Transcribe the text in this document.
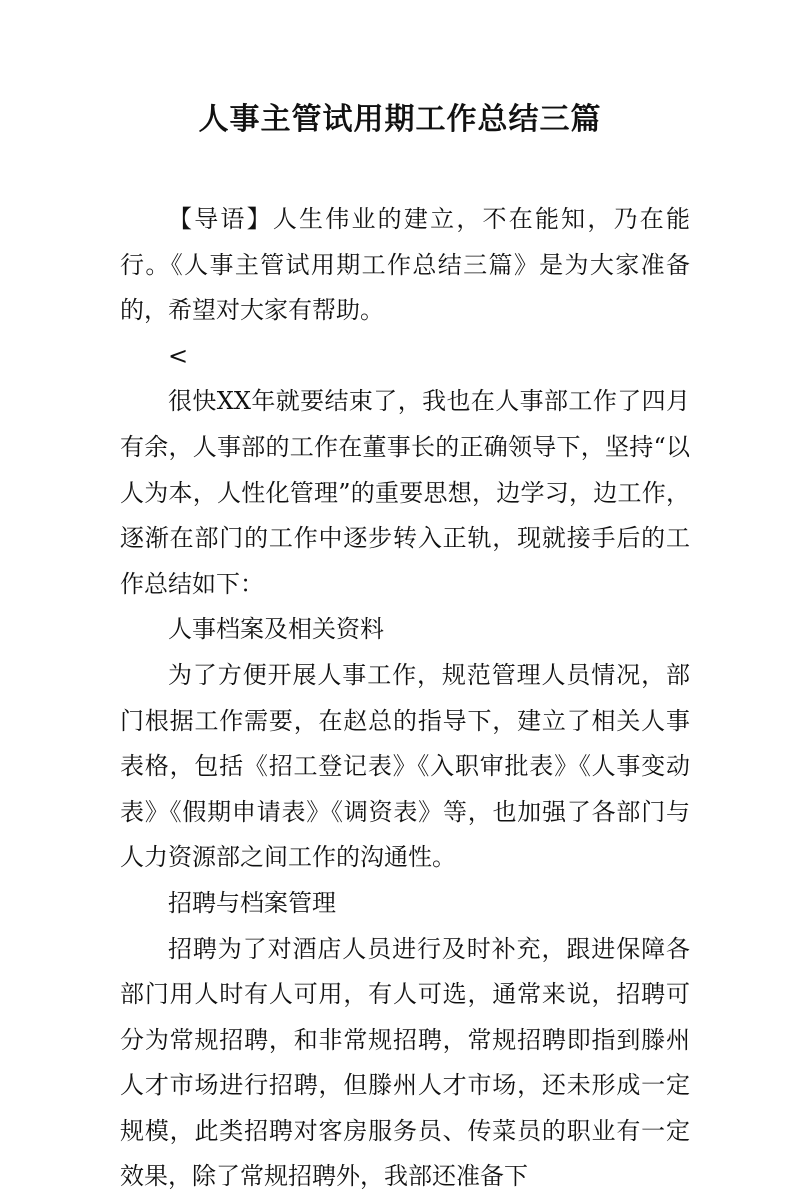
人事主管试用期工作总结三篇

【导语】人生伟业的建立，不在能知，乃在能行。《人事主管试用期工作总结三篇》是为大家准备的，希望对大家有帮助。

<

很快XX年就要结束了，我也在人事部工作了四月有余，人事部的工作在董事长的正确领导下，坚持“以人为本，人性化管理”的重要思想，边学习，边工作，逐渐在部门的工作中逐步转入正轨，现就接手后的工作总结如下：

人事档案及相关资料

为了方便开展人事工作，规范管理人员情况，部门根据工作需要，在赵总的指导下，建立了相关人事表格，包括《招工登记表》《入职审批表》《人事变动表》《假期申请表》《调资表》等，也加强了各部门与人力资源部之间工作的沟通性。

招聘与档案管理

招聘为了对酒店人员进行及时补充，跟进保障各部门用人时有人可用，有人可选，通常来说，招聘可分为常规招聘，和非常规招聘，常规招聘即指到滕州人才市场进行招聘，但滕州人才市场，还未形成一定规模，此类招聘对客房服务员、传菜员的职业有一定效果，除了常规招聘外，我部还准备下
